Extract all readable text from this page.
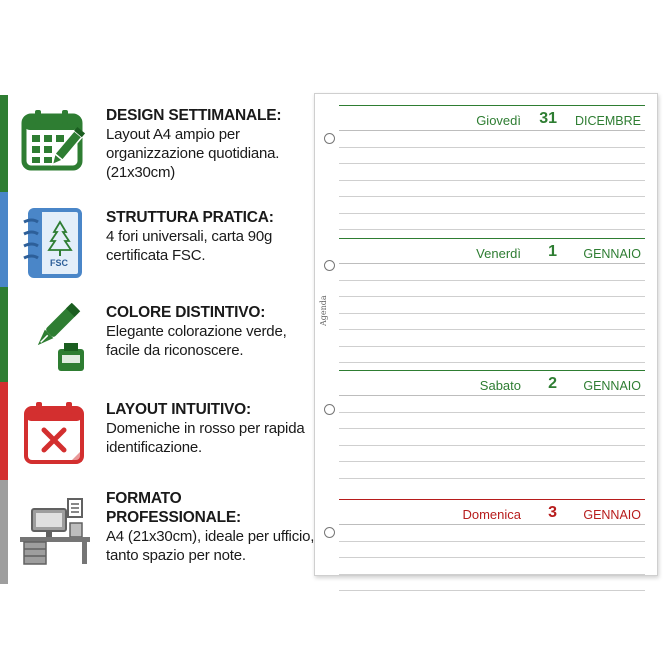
DESIGN SETTIMANALE:
Layout A4 ampio per organizzazione quotidiana. (21x30cm)
FSC
STRUTTURA PRATICA:
4 fori universali, carta 90g certificata FSC.
COLORE DISTINTIVO:
Elegante colorazione verde, facile da riconoscere.
LAYOUT INTUITIVO:
Domeniche in rosso per rapida identificazione.
FORMATO PROFESSIONALE:
A4 (21x30cm), ideale per ufficio, tanto spazio per note.
Agenda
Giovedì 31 DICEMBRE
Venerdì 1 GENNAIO
Sabato 2 GENNAIO
Domenica 3 GENNAIO
